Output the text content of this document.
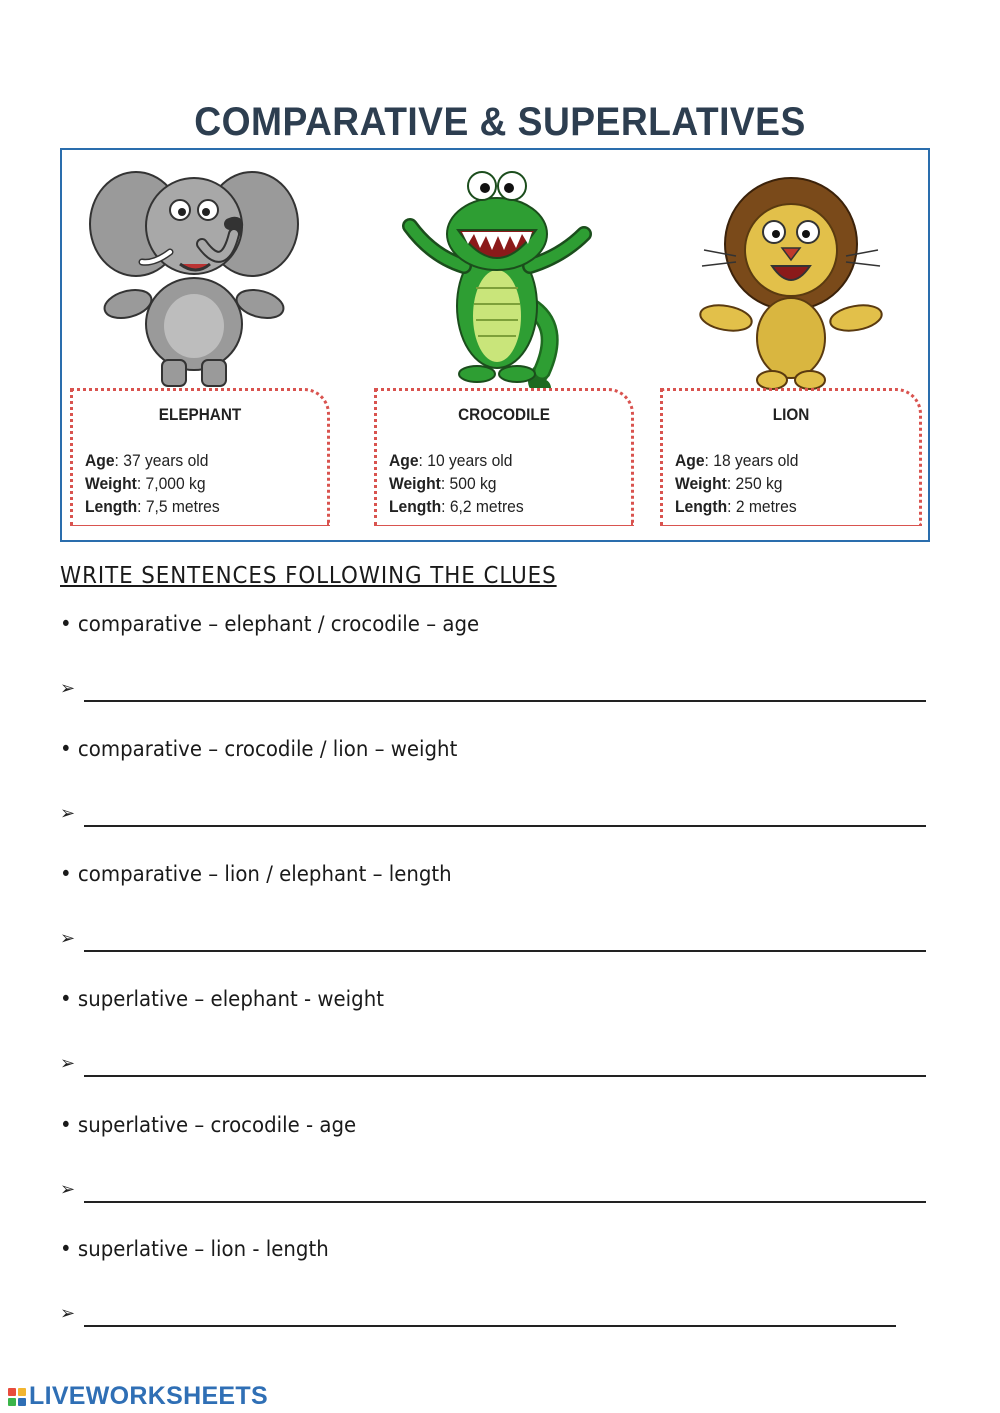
COMPARATIVE & SUPERLATIVES
ELEPHANT
Age: 37 years old
Weight: 7,000 kg
Length: 7,5 metres
CROCODILE
Age: 10 years old
Weight: 500 kg
Length: 6,2 metres
LION
Age: 18 years old
Weight: 250 kg
Length: 2 metres
WRITE SENTENCES FOLLOWING THE CLUES
• comparative – elephant / crocodile – age
➢
• comparative – crocodile / lion – weight
➢
• comparative – lion / elephant – length
➢
• superlative – elephant - weight
➢
• superlative – crocodile - age
➢
• superlative – lion - length
➢
LIVEWORKSHEETS
